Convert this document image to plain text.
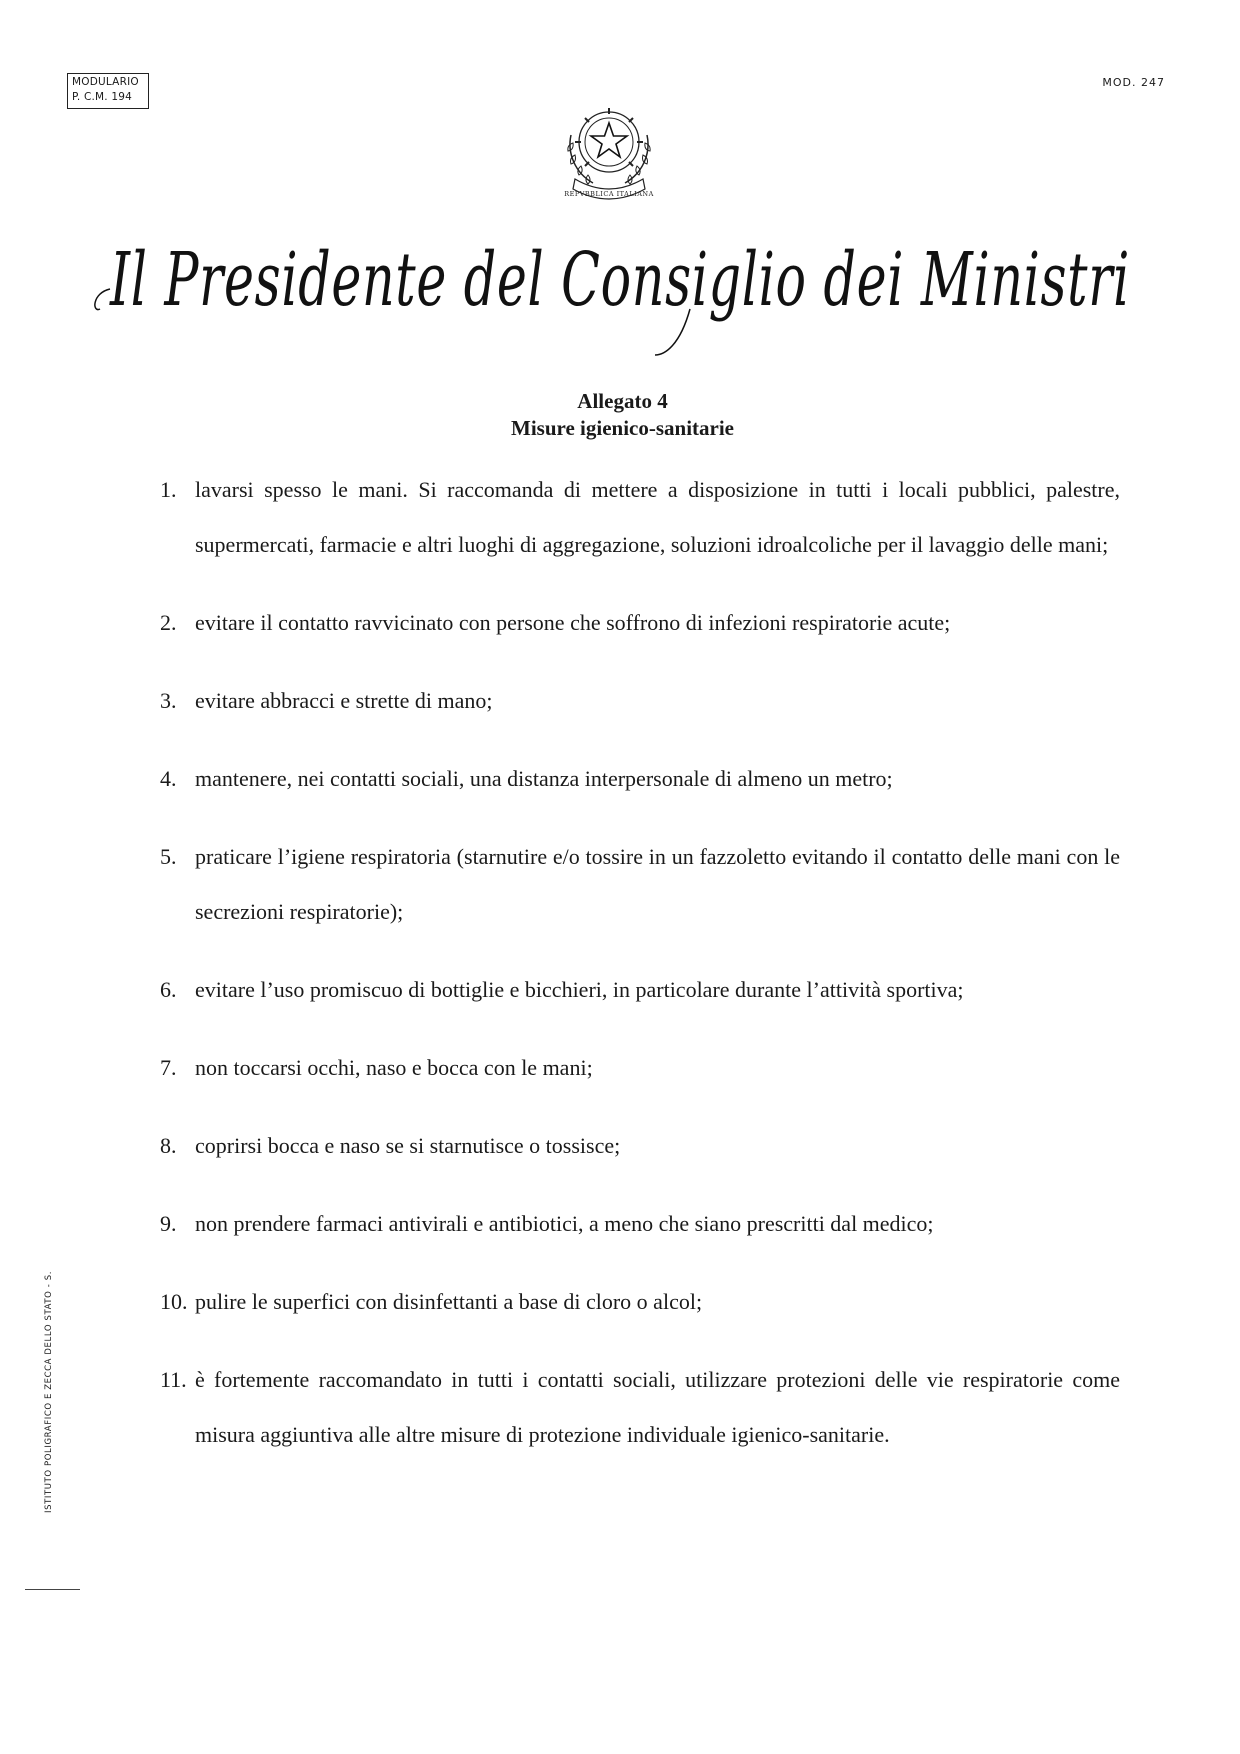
MODULARIO
P. C.M. 194
MOD. 247
REPVBBLICA ITALIANA
Il Presidente del Consiglio dei Ministri
Allegato 4
Misure igienico-sanitarie
1. lavarsi spesso le mani. Si raccomanda di mettere a disposizione in tutti i locali pubblici, palestre, supermercati, farmacie e altri luoghi di aggregazione, soluzioni idroalcoliche per il lavaggio delle mani;
2. evitare il contatto ravvicinato con persone che soffrono di infezioni respiratorie acute;
3. evitare abbracci e strette di mano;
4. mantenere, nei contatti sociali, una distanza interpersonale di almeno un metro;
5. praticare l’igiene respiratoria (starnutire e/o tossire in un fazzoletto evitando il contatto delle mani con le secrezioni respiratorie);
6. evitare l’uso promiscuo di bottiglie e bicchieri, in particolare durante l’attività sportiva;
7. non toccarsi occhi, naso e bocca con le mani;
8. coprirsi bocca e naso se si starnutisce o tossisce;
9. non prendere farmaci antivirali e antibiotici, a meno che siano prescritti dal medico;
10. pulire le superfici con disinfettanti a base di cloro o alcol;
11. è fortemente raccomandato in tutti i contatti sociali, utilizzare protezioni delle vie respiratorie come misura aggiuntiva alle altre misure di protezione individuale igienico-sanitarie.
ISTITUTO POLIGRAFICO E ZECCA DELLO STATO - S.
